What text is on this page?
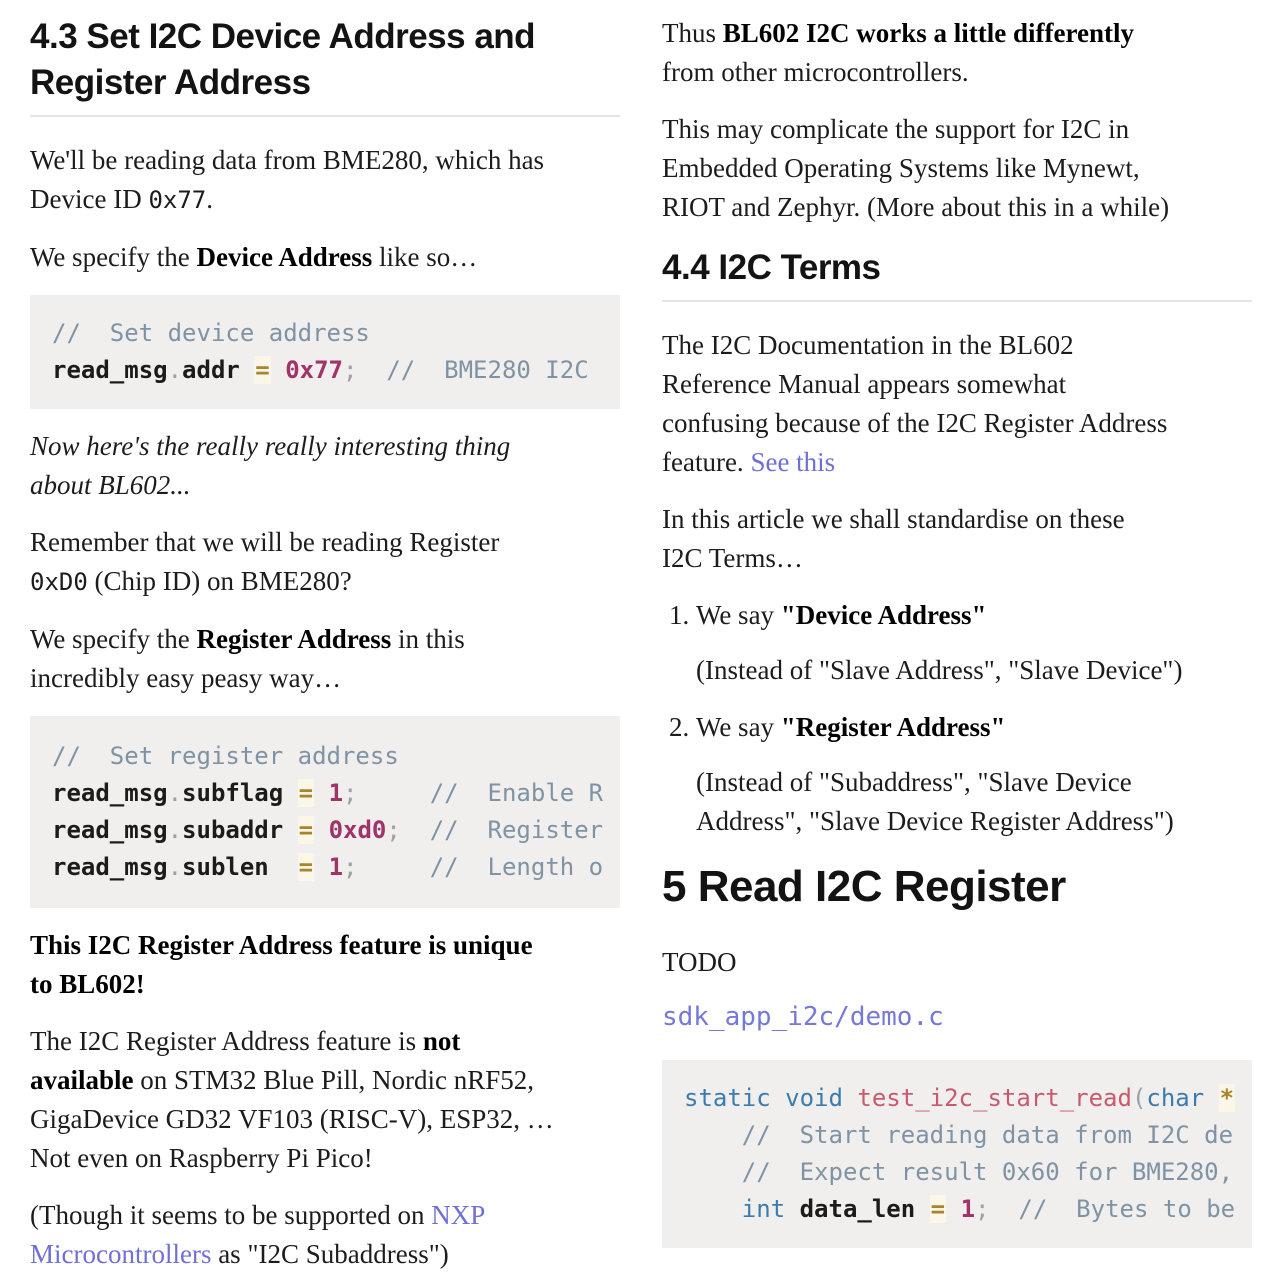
4.3 Set I2C Device Address and
Register Address

We'll be reading data from BME280, which has
Device ID 0x77.

We specify the Device Address like so…

//  Set device address
read_msg.addr = 0x77; //  BME280 I2C

Now here's the really really interesting thing
about BL602...

Remember that we will be reading Register
0xD0 (Chip ID) on BME280?

We specify the Register Address in this
incredibly easy peasy way…

//  Set register address
read_msg.subflag = 1;	//  Enable R
read_msg.subaddr = 0xd0; //  Register
read_msg.sublen = 1;	//  Length o

This I2C Register Address feature is unique
to BL602!

The I2C Register Address feature is not
available on STM32 Blue Pill, Nordic nRF52,
GigaDevice GD32 VF103 (RISC-V), ESP32, …
Not even on Raspberry Pi Pico!

(Though it seems to be supported on NXP
Microcontrollers as "I2C Subaddress")

Thus BL602 I2C works a little differently
from other microcontrollers.

This may complicate the support for I2C in
Embedded Operating Systems like Mynewt,
RIOT and Zephyr. (More about this in a while)

4.4 I2C Terms

The I2C Documentation in the BL602
Reference Manual appears somewhat
confusing because of the I2C Register Address
feature. See this

In this article we shall standardise on these
I2C Terms…

1. We say "Device Address"

(Instead of "Slave Address", "Slave Device")

2. We say "Register Address"

(Instead of "Subaddress", "Slave Device
Address", "Slave Device Register Address")

5 Read I2C Register

TODO

sdk_app_i2c/demo.c
static void test_i2c_start_read(char *
//  Start reading data from I2C de
//  Expect result 0x60 for BME280,
int data_len = 1; //  Bytes to be
